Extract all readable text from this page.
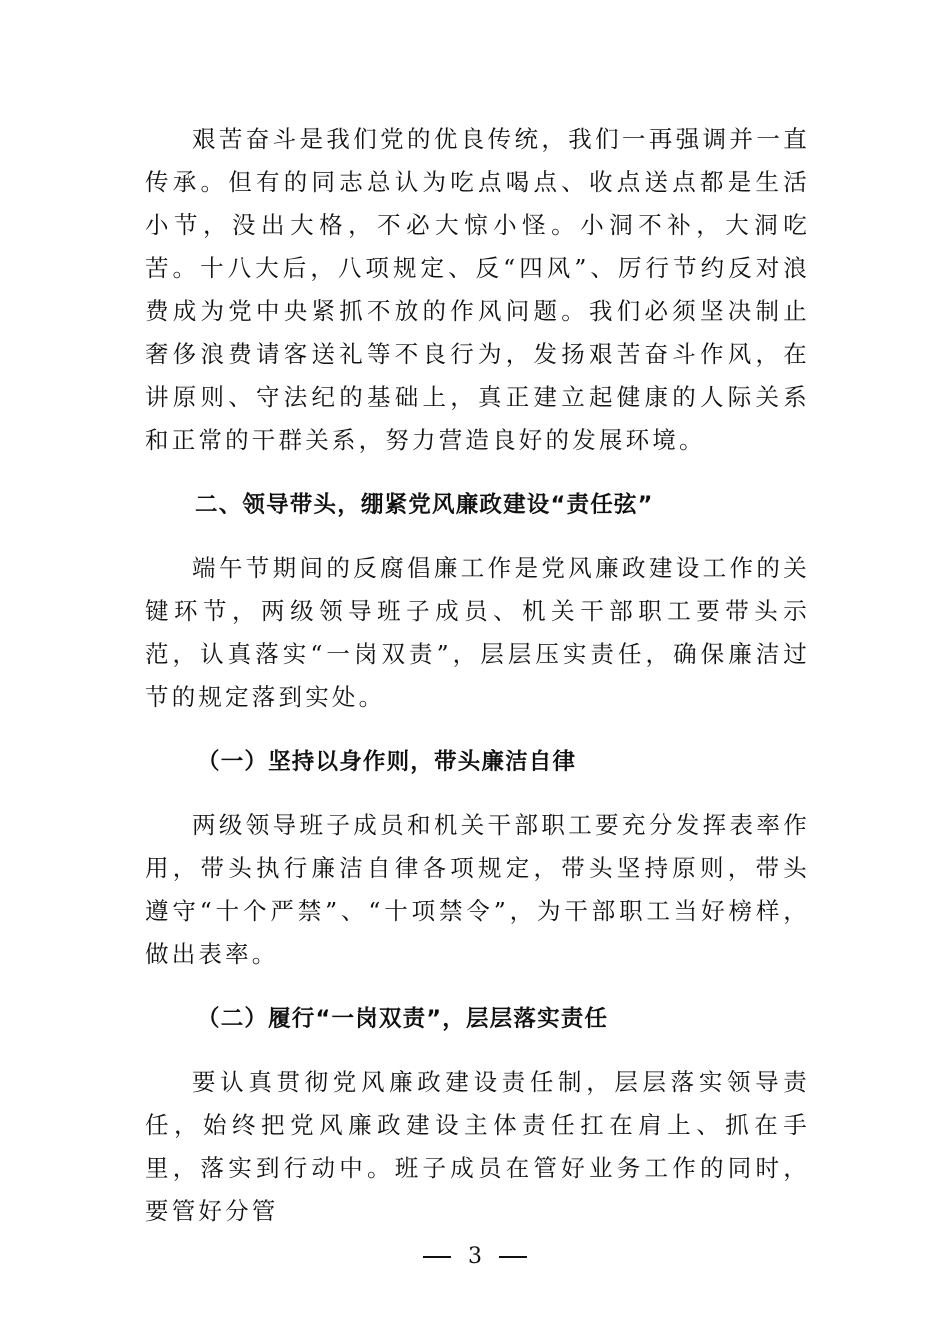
艰苦奋斗是我们党的优良传统，我们一再强调并一直传承。但有的同志总认为吃点喝点、收点送点都是生活小节，没出大格，不必大惊小怪。小洞不补，大洞吃苦。十八大后，八项规定、反“四风”、厉行节约反对浪费成为党中央紧抓不放的作风问题。我们必须坚决制止奢侈浪费请客送礼等不良行为，发扬艰苦奋斗作风，在讲原则、守法纪的基础上，真正建立起健康的人际关系和正常的干群关系，努力营造良好的发展环境。

二、领导带头，绷紧党风廉政建设“责任弦”

端午节期间的反腐倡廉工作是党风廉政建设工作的关键环节，两级领导班子成员、机关干部职工要带头示范，认真落实“一岗双责”，层层压实责任，确保廉洁过节的规定落到实处。

（一）坚持以身作则，带头廉洁自律

两级领导班子成员和机关干部职工要充分发挥表率作用，带头执行廉洁自律各项规定，带头坚持原则，带头遵守“十个严禁”、“十项禁令”，为干部职工当好榜样，做出表率。

（二）履行“一岗双责”，层层落实责任

要认真贯彻党风廉政建设责任制，层层落实领导责任，始终把党风廉政建设主体责任扛在肩上、抓在手里，落实到行动中。班子成员在管好业务工作的同时，要管好分管

3
